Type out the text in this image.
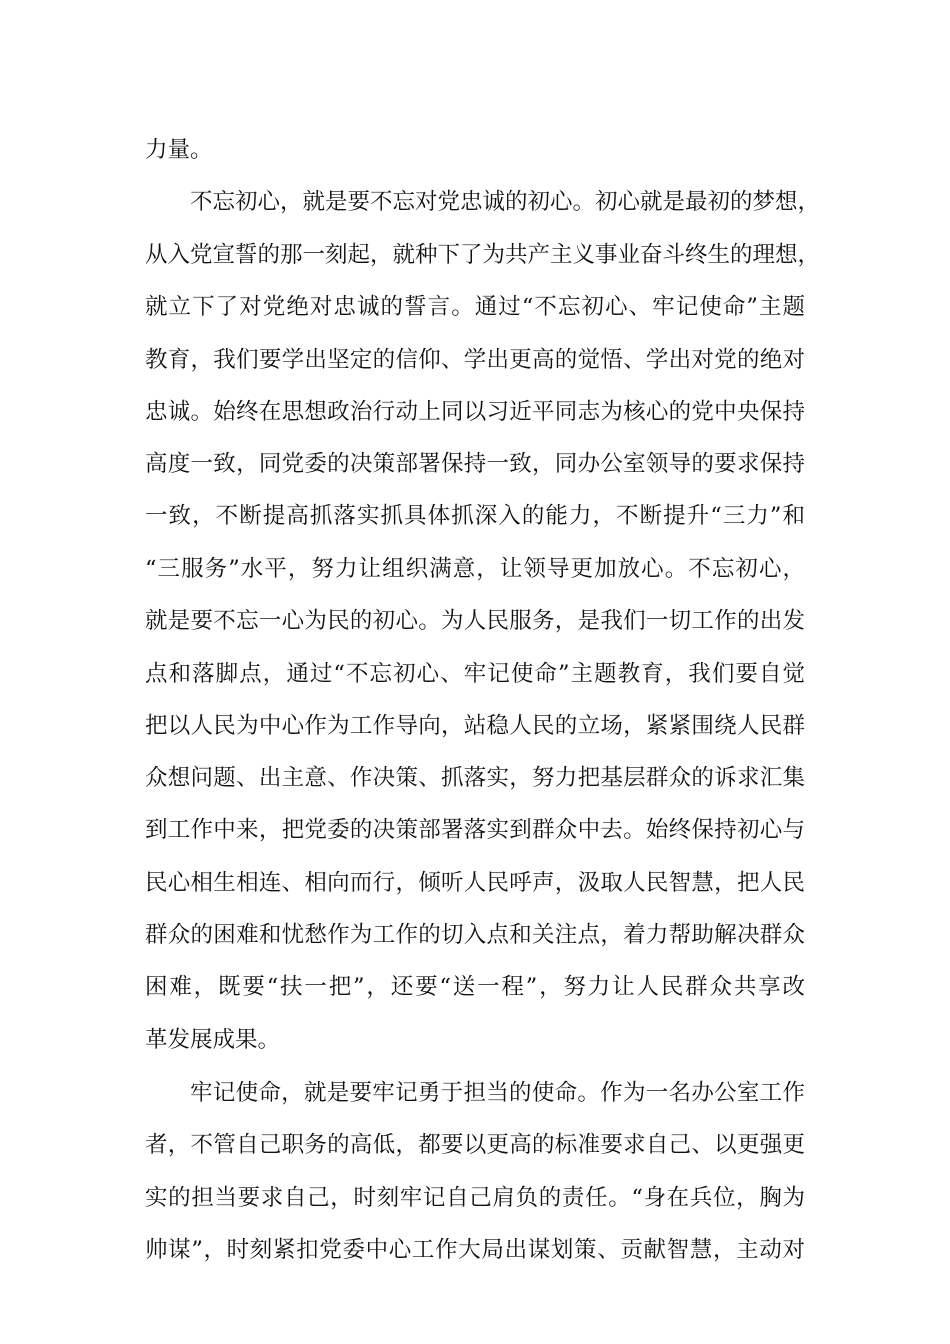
力量。
不忘初心，就是要不忘对党忠诚的初心。初心就是最初的梦想，
从入党宣誓的那一刻起，就种下了为共产主义事业奋斗终生的理想，
就立下了对党绝对忠诚的誓言。通过“不忘初心、牢记使命”主题
教育，我们要学出坚定的信仰、学出更高的觉悟、学出对党的绝对
忠诚。始终在思想政治行动上同以习近平同志为核心的党中央保持
高度一致，同党委的决策部署保持一致，同办公室领导的要求保持
一致，不断提高抓落实抓具体抓深入的能力，不断提升“三力”和
“三服务”水平，努力让组织满意，让领导更加放心。不忘初心，
就是要不忘一心为民的初心。为人民服务，是我们一切工作的出发
点和落脚点，通过“不忘初心、牢记使命”主题教育，我们要自觉
把以人民为中心作为工作导向，站稳人民的立场，紧紧围绕人民群
众想问题、出主意、作决策、抓落实，努力把基层群众的诉求汇集
到工作中来，把党委的决策部署落实到群众中去。始终保持初心与
民心相生相连、相向而行，倾听人民呼声，汲取人民智慧，把人民
群众的困难和忧愁作为工作的切入点和关注点，着力帮助解决群众
困难，既要“扶一把”，还要“送一程”，努力让人民群众共享改
革发展成果。
牢记使命，就是要牢记勇于担当的使命。作为一名办公室工作
者，不管自己职务的高低，都要以更高的标准要求自己、以更强更
实的担当要求自己，时刻牢记自己肩负的责任。“身在兵位，胸为
帅谋”，时刻紧扣党委中心工作大局出谋划策、贡献智慧，主动对
